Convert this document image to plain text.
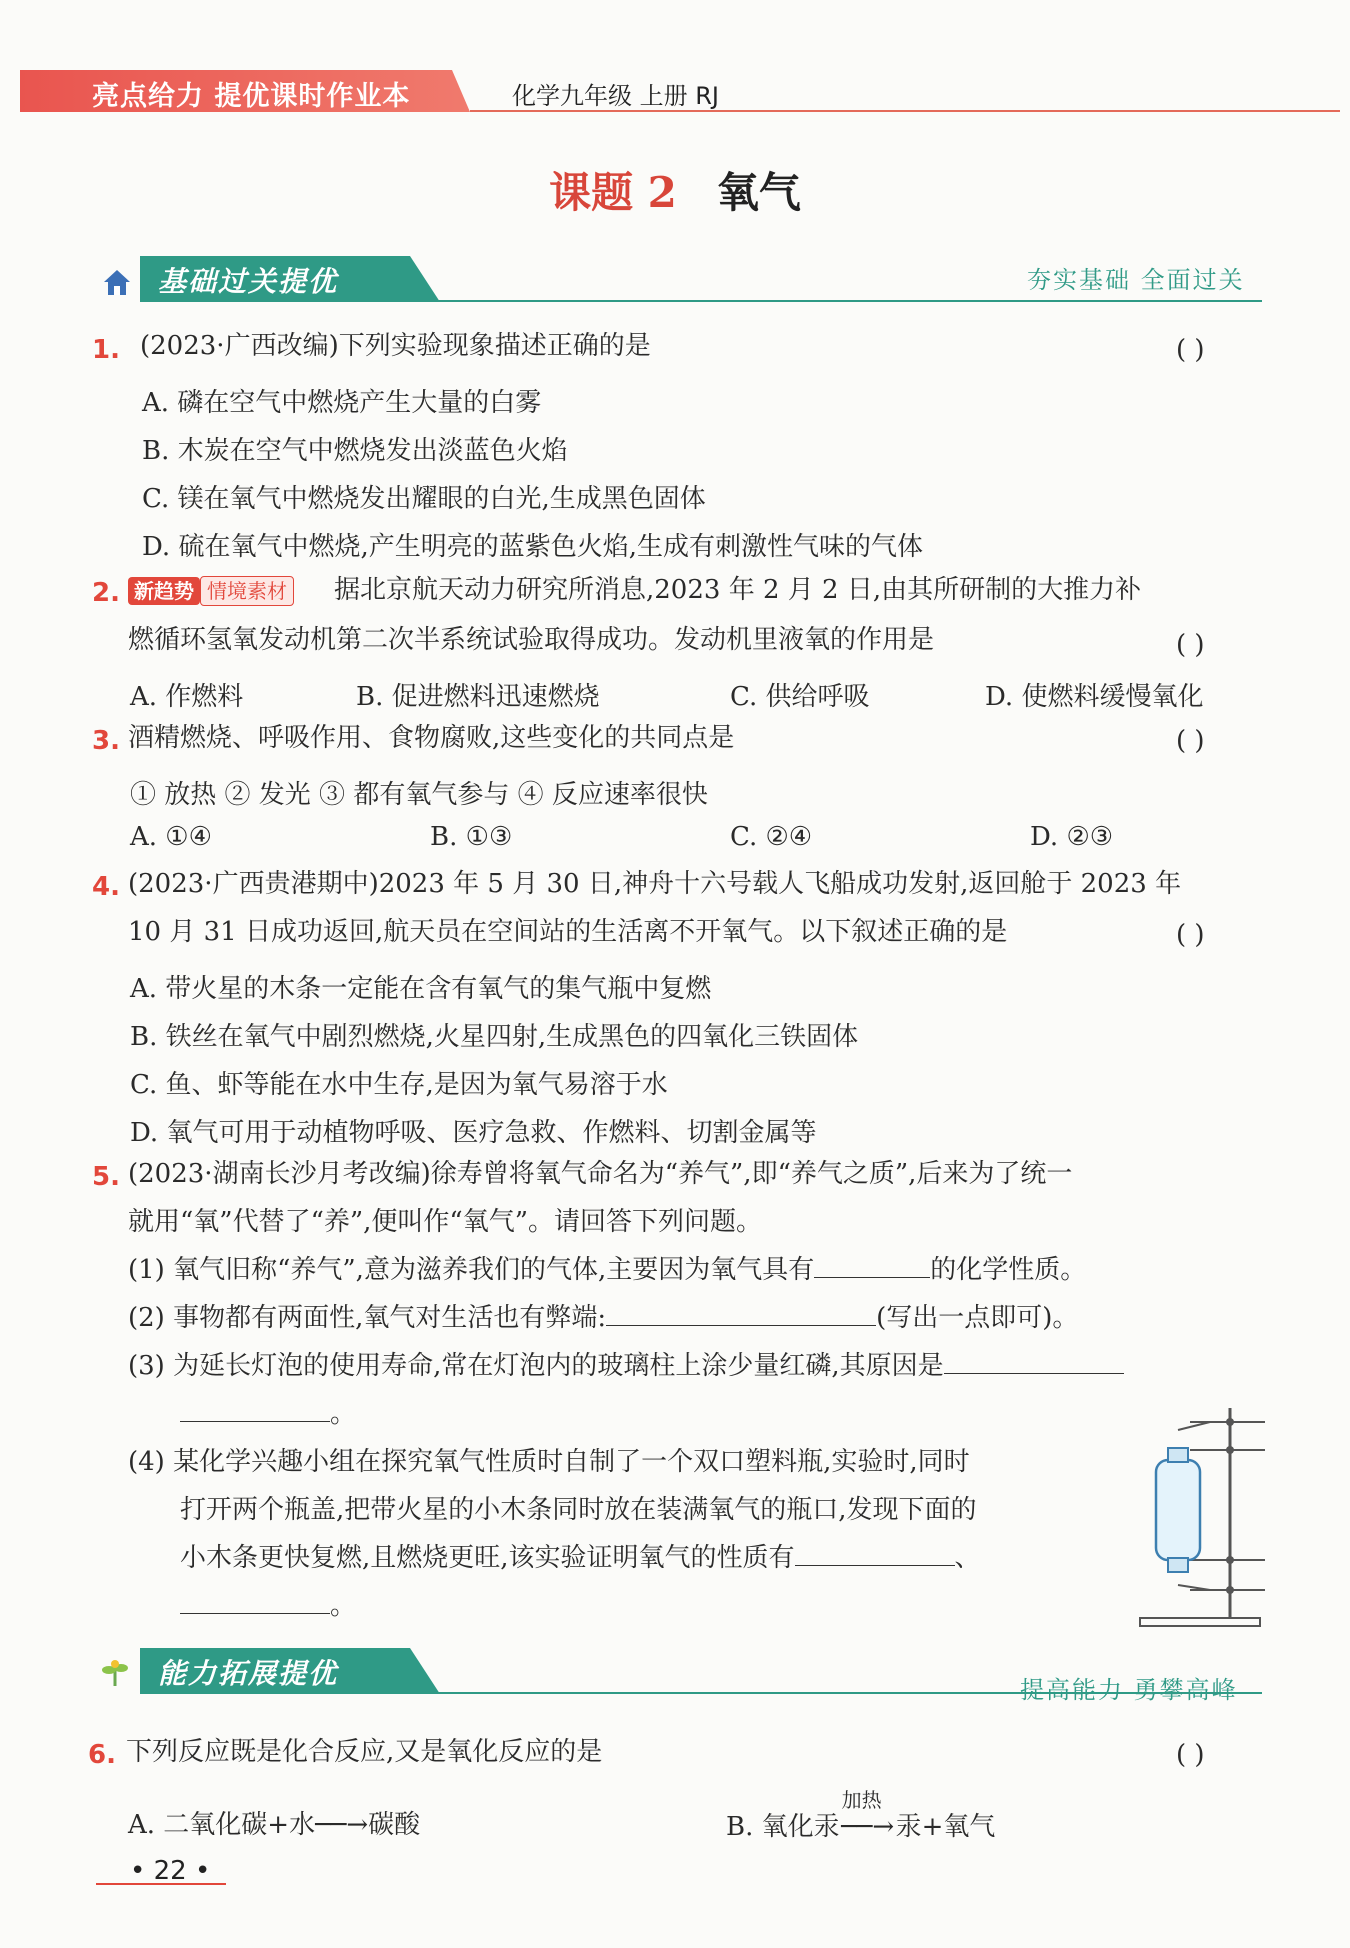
亮点给力 提优课时作业本	化学九年级 上册 RJ
课题 2 氧气
基础过关提优	夯实基础 全面过关
1. (2023·广西改编)下列实验现象描述正确的是	( )
A. 磷在空气中燃烧产生大量的白雾
B. 木炭在空气中燃烧发出淡蓝色火焰
C. 镁在氧气中燃烧发出耀眼的白光,生成黑色固体
D. 硫在氧气中燃烧,产生明亮的蓝紫色火焰,生成有刺激性气味的气体
2. 新趋势 情境素材 据北京航天动力研究所消息,2023 年 2 月 2 日,由其所研制的大推力补
燃循环氢氧发动机第二次半系统试验取得成功。发动机里液氧的作用是	( )
A. 作燃料	B. 促进燃料迅速燃烧	C. 供给呼吸	D. 使燃料缓慢氧化
3. 酒精燃烧、呼吸作用、食物腐败,这些变化的共同点是	( )
① 放热 ② 发光 ③ 都有氧气参与 ④ 反应速率很快
A. ①④	B. ①③	C. ②④	D. ②③
4. (2023·广西贵港期中)2023 年 5 月 30 日,神舟十六号载人飞船成功发射,返回舱于 2023 年
10 月 31 日成功返回,航天员在空间站的生活离不开氧气。以下叙述正确的是	( )
A. 带火星的木条一定能在含有氧气的集气瓶中复燃
B. 铁丝在氧气中剧烈燃烧,火星四射,生成黑色的四氧化三铁固体
C. 鱼、虾等能在水中生存,是因为氧气易溶于水
D. 氧气可用于动植物呼吸、医疗急救、作燃料、切割金属等
5. (2023·湖南长沙月考改编)徐寿曾将氧气命名为“养气”,即“养气之质”,后来为了统一
就用“氧”代替了“养”,便叫作“氧气”。请回答下列问题。
(1) 氧气旧称“养气”,意为滋养我们的气体,主要因为氧气具有	的化学性质。
(2) 事物都有两面性,氧气对生活也有弊端:	(写出一点即可)。
(3) 为延长灯泡的使用寿命,常在灯泡内的玻璃柱上涂少量红磷,其原因是
。
(4) 某化学兴趣小组在探究氧气性质时自制了一个双口塑料瓶,实验时,同时
打开两个瓶盖,把带火星的小木条同时放在装满氧气的瓶口,发现下面的
小木条更快复燃,且燃烧更旺,该实验证明氧气的性质有	、
。
能力拓展提优	提高能力 勇攀高峰
6. 下列反应既是化合反应,又是氧化反应的是	( )
A. 二氧化碳+水──→碳酸	B. 氧化汞
加热
──→汞+氧气
• 22 •
